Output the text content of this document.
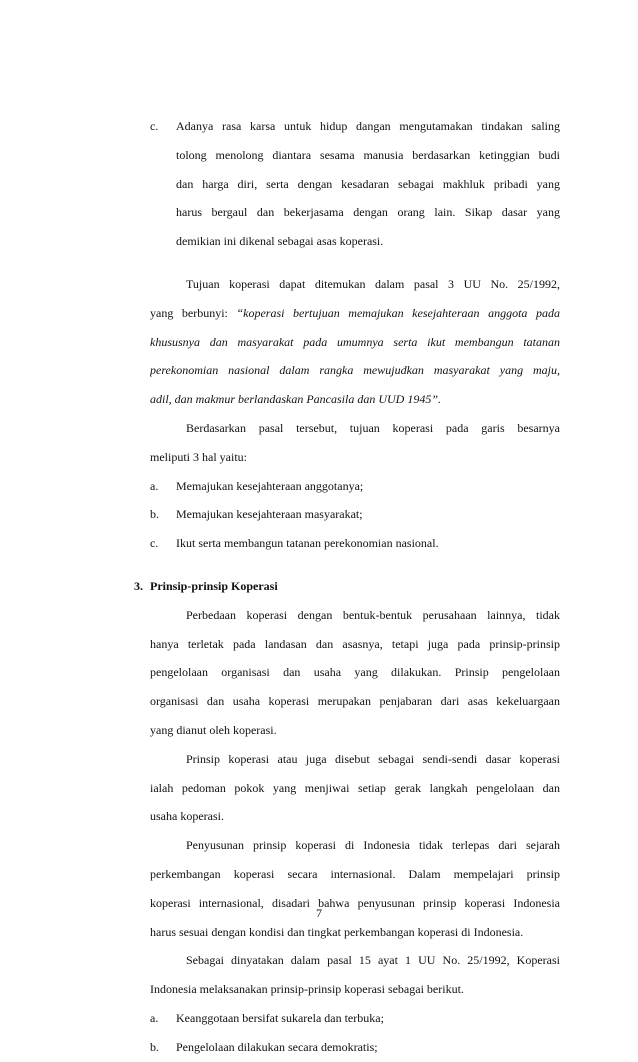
c. Adanya rasa karsa untuk hidup dangan mengutamakan tindakan saling
tolong menolong diantara sesama manusia berdasarkan ketinggian budi
dan harga diri, serta dengan kesadaran sebagai makhluk pribadi yang
harus bergaul dan bekerjasama dengan orang lain. Sikap dasar yang
demikian ini dikenal sebagai asas koperasi.
Tujuan koperasi dapat ditemukan dalam pasal 3 UU No. 25/1992,
yang berbunyi: “koperasi bertujuan memajukan kesejahteraan anggota pada
khususnya dan masyarakat pada umumnya serta ikut membangun tatanan
perekonomian nasional dalam rangka mewujudkan masyarakat yang maju,
adil, dan makmur berlandaskan Pancasila dan UUD 1945”.
Berdasarkan pasal tersebut, tujuan koperasi pada garis besarnya
meliputi 3 hal yaitu:
a. Memajukan kesejahteraan anggotanya;
b. Memajukan kesejahteraan masyarakat;
c. Ikut serta membangun tatanan perekonomian nasional.
3. Prinsip-prinsip Koperasi
Perbedaan koperasi dengan bentuk-bentuk perusahaan lainnya, tidak
hanya terletak pada landasan dan asasnya, tetapi juga pada prinsip-prinsip
pengelolaan organisasi dan usaha yang dilakukan. Prinsip pengelolaan
organisasi dan usaha koperasi merupakan penjabaran dari asas kekeluargaan
yang dianut oleh koperasi.
Prinsip koperasi atau juga disebut sebagai sendi-sendi dasar koperasi
ialah pedoman pokok yang menjiwai setiap gerak langkah pengelolaan dan
usaha koperasi.
Penyusunan prinsip koperasi di Indonesia tidak terlepas dari sejarah
perkembangan koperasi secara internasional. Dalam mempelajari prinsip
koperasi internasional, disadari bahwa penyusunan prinsip koperasi Indonesia
harus sesuai dengan kondisi dan tingkat perkembangan koperasi di Indonesia.
Sebagai dinyatakan dalam pasal 15 ayat 1 UU No. 25/1992, Koperasi
Indonesia melaksanakan prinsip-prinsip koperasi sebagai berikut.
a. Keanggotaan bersifat sukarela dan terbuka;
b. Pengelolaan dilakukan secara demokratis;
7
